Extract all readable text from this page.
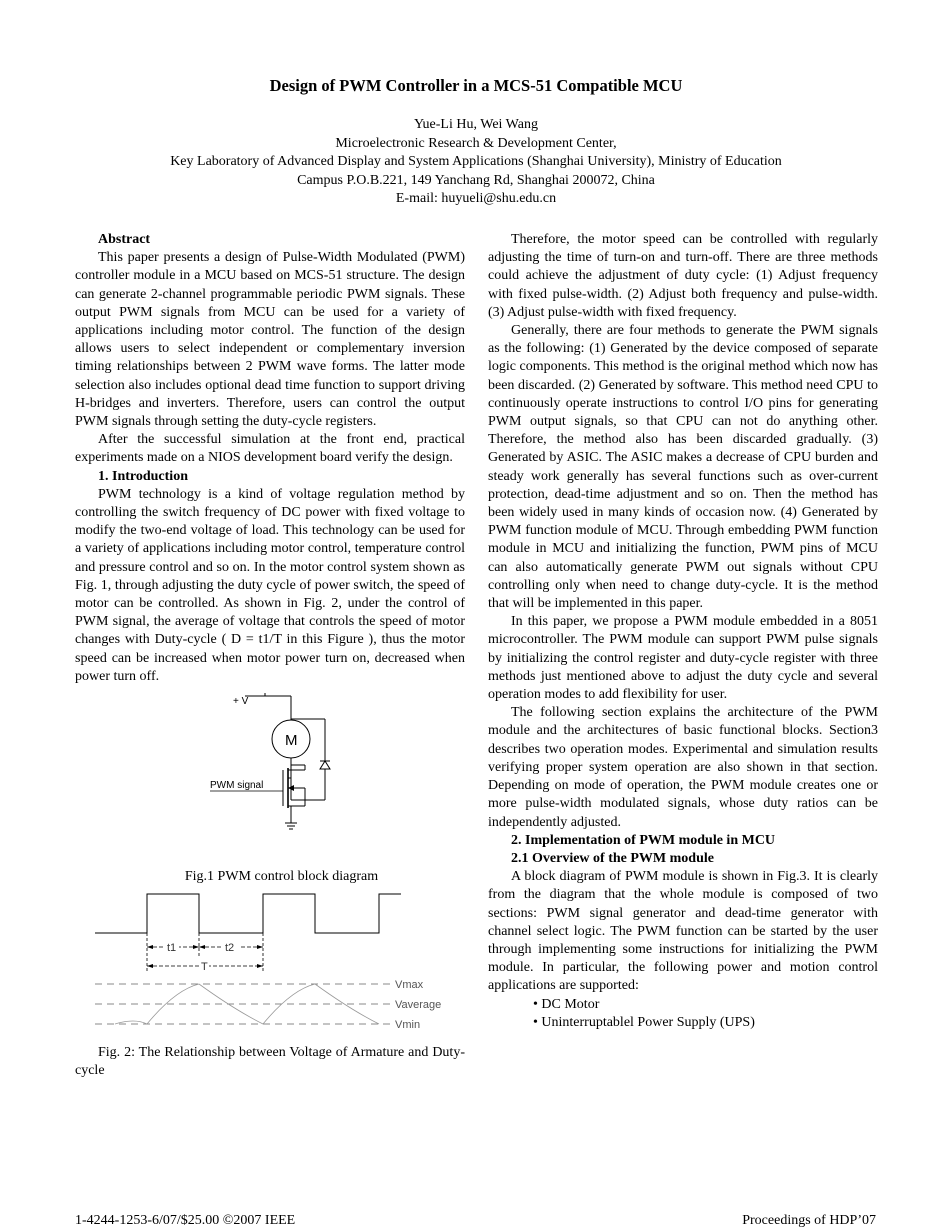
Design of PWM Controller in a MCS-51 Compatible MCU
Yue-Li Hu, Wei Wang
Microelectronic Research & Development Center,
Key Laboratory of Advanced Display and System Applications (Shanghai University), Ministry of Education
Campus P.O.B.221, 149 Yanchang Rd, Shanghai 200072, China
E-mail: huyueli@shu.edu.cn

Abstract

This paper presents a design of Pulse-Width Modulated (PWM) controller module in a MCU based on MCS-51 structure. The design can generate 2-channel programmable periodic PWM signals. These output PWM signals from MCU can be used for a variety of applications including motor control. The function of the design allows users to select independent or complementary inversion timing relationships between 2 PWM wave forms. The latter mode selection also includes optional dead time function to support driving H-bridges and inverters. Therefore, users can control the output PWM signals through setting the duty-cycle registers.

After the successful simulation at the front end, practical experiments made on a NIOS development board verify the design.

1. Introduction

PWM technology is a kind of voltage regulation method by controlling the switch frequency of DC power with fixed voltage to modify the two-end voltage of load. This technology can be used for a variety of applications including motor control, temperature control and pressure control and so on. In the motor control system shown as Fig. 1, through adjusting the duty cycle of power switch, the speed of motor can be controlled. As shown in Fig. 2, under the control of PWM signal, the average of voltage that controls the speed of motor changes with Duty-cycle ( D = t1/T in this Figure ), thus the motor speed can be increased when motor power turn on, decreased when power turn off.

+ V
M
PWM signal

Fig.1 PWM control block diagram

t1	t2
T
Vmax
Vaverage
Vmin

Fig. 2: The Relationship between Voltage of Armature and Duty-cycle

Therefore, the motor speed can be controlled with regularly adjusting the time of turn-on and turn-off. There are three methods could achieve the adjustment of duty cycle: (1) Adjust frequency with fixed pulse-width. (2) Adjust both frequency and pulse-width. (3) Adjust pulse-width with fixed frequency.

Generally, there are four methods to generate the PWM signals as the following: (1) Generated by the device composed of separate logic components. This method is the original method which now has been discarded. (2) Generated by software. This method need CPU to continuously operate instructions to control I/O pins for generating PWM output signals, so that CPU can not do anything other. Therefore, the method also has been discarded gradually. (3) Generated by ASIC. The ASIC makes a decrease of CPU burden and steady work generally has several functions such as over-current protection, dead-time adjustment and so on. Then the method has been widely used in many kinds of occasion now. (4) Generated by PWM function module of MCU. Through embedding PWM function module in MCU and initializing the function, PWM pins of MCU can also automatically generate PWM out signals without CPU controlling only when need to change duty-cycle. It is the method that will be implemented in this paper.

In this paper, we propose a PWM module embedded in a 8051 microcontroller. The PWM module can support PWM pulse signals by initializing the control register and duty-cycle register with three methods just mentioned above to adjust the duty cycle and several operation modes to add flexibility for user.

The following section explains the architecture of the PWM module and the architectures of basic functional blocks. Section3 describes two operation modes. Experimental and simulation results verifying proper system operation are also shown in that section. Depending on mode of operation, the PWM module creates one or more pulse-width modulated signals, whose duty ratios can be independently adjusted.

2. Implementation of PWM module in MCU

2.1 Overview of the PWM module

A block diagram of PWM module is shown in Fig.3. It is clearly from the diagram that the whole module is composed of two sections: PWM signal generator and dead-time generator with channel select logic. The PWM function can be started by the user through implementing some instructions for initializing the PWM module. In particular, the following power and motion control applications are supported:

• DC Motor

• Uninterruptablel Power Supply (UPS)

1-4244-1253-6/07/$25.00 ©2007 IEEE	Proceedings of HDP’07
